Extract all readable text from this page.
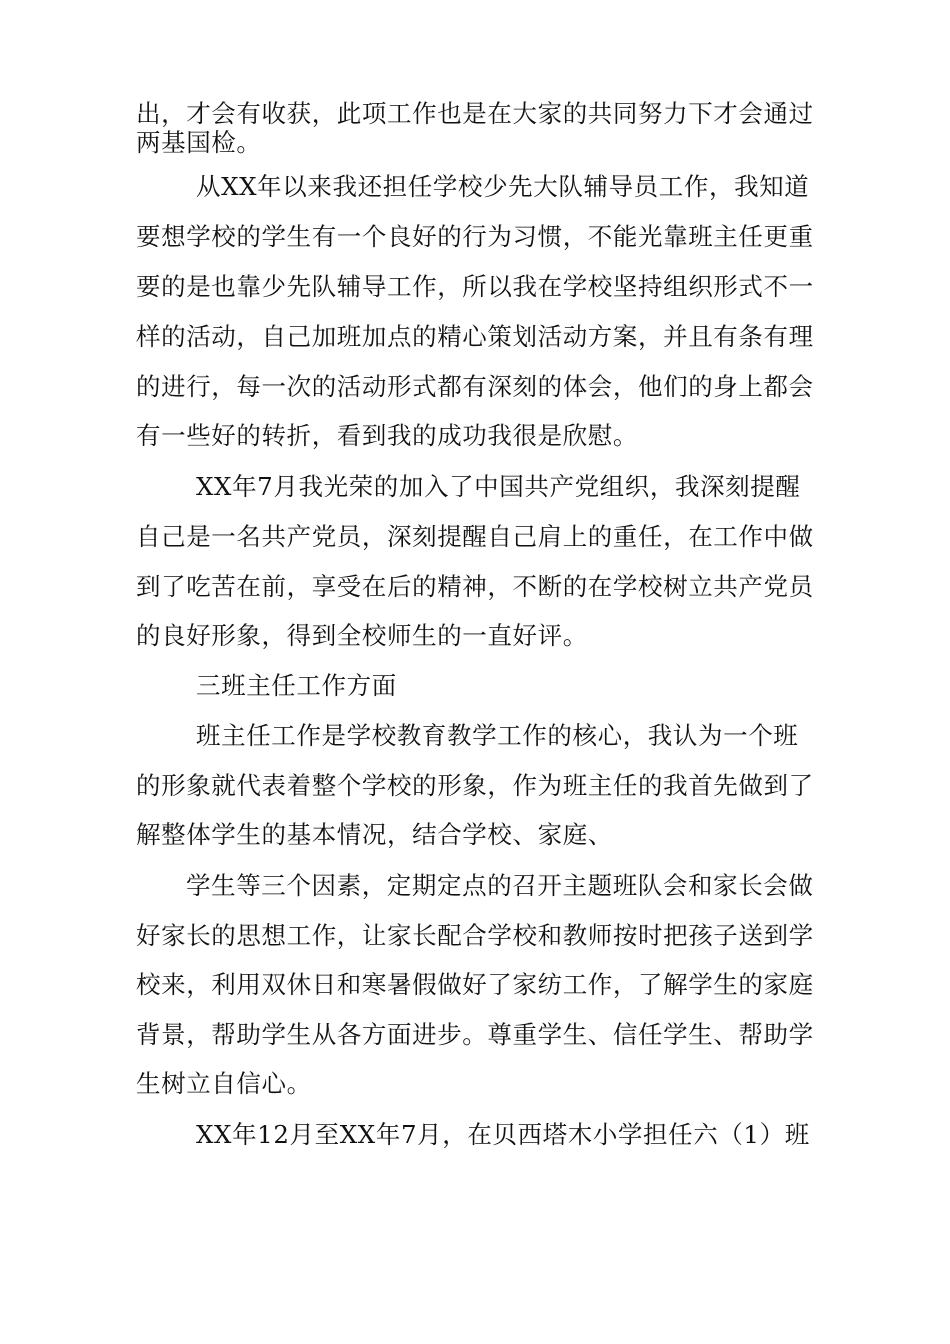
出，才会有收获，此项工作也是在大家的共同努力下才会通过
两基国检。
从XX年以来我还担任学校少先大队辅导员工作，我知道
要想学校的学生有一个良好的行为习惯，不能光靠班主任更重
要的是也靠少先队辅导工作，所以我在学校坚持组织形式不一
样的活动，自己加班加点的精心策划活动方案，并且有条有理
的进行，每一次的活动形式都有深刻的体会，他们的身上都会
有一些好的转折，看到我的成功我很是欣慰。
XX年7月我光荣的加入了中国共产党组织，我深刻提醒
自己是一名共产党员，深刻提醒自己肩上的重任，在工作中做
到了吃苦在前，享受在后的精神，不断的在学校树立共产党员
的良好形象，得到全校师生的一直好评。
三班主任工作方面
班主任工作是学校教育教学工作的核心，我认为一个班
的形象就代表着整个学校的形象，作为班主任的我首先做到了
解整体学生的基本情况，结合学校、家庭、
学生等三个因素，定期定点的召开主题班队会和家长会做
好家长的思想工作，让家长配合学校和教师按时把孩子送到学
校来，利用双休日和寒暑假做好了家纺工作，了解学生的家庭
背景，帮助学生从各方面进步。尊重学生、信任学生、帮助学
生树立自信心。
XX年12月至XX年7月，在贝西塔木小学担任六（1）班
